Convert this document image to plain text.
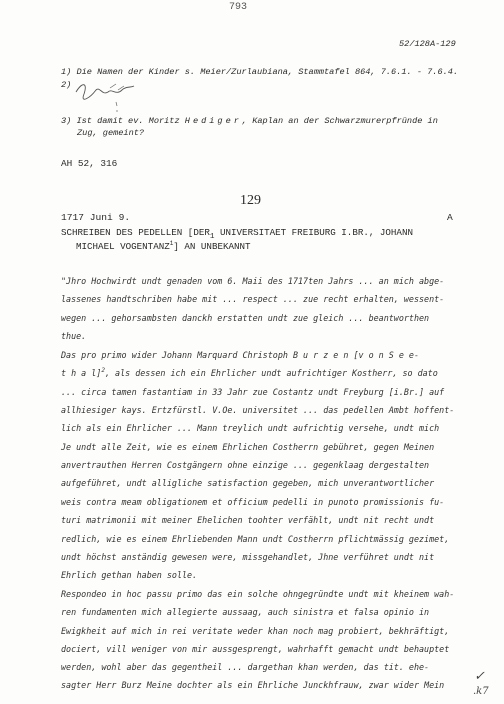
793
52/128A-129
1) Die Namen der Kinder s. Meier/Zurlaubiana, Stammtafel 864, 7.6.1. - 7.6.4.
2)
3) Ist damit ev. Moritz Hediger, Kaplan an der Schwarzmurerpfründe in
Zug, gemeint?
AH 52, 316
129
1717 Juni 9.	A
SCHREIBEN DES PEDELLEN [$DER_1$ UNIVERSITAET FREIBURG I.BR., JOHANN
MICHAEL VOGENTANZ$^1$] AN UNBEKANNT
"Jhro Hochwirdt undt genaden vom 6. Maii des 1717ten Jahrs ... an mich abge-
lassenes handtschriben habe mit ... respect ... zue recht erhalten, wessent-
wegen ... gehorsambsten danckh erstatten undt zue gleich ... beantworthen
thue.
Das pro primo wider Johann Marquard Christoph B u r z e n [v o n S e e-
t h a l]$^2$, als dessen ich ein Ehrlicher undt aufrichtiger Kostherr, so dato
... circa tamen fastantiam in 33 Jahr zue Costantz undt Freyburg [i.Br.] auf
allhiesiger kays. Ertzfürstl. V.Oe. universitet ... das pedellen Ambt hoffent-
lich als ein Ehrlicher ... Mann treylich undt aufrichtig versehe, undt mich
Je undt alle Zeit, wie es einem Ehrlichen Costherrn gebühret, gegen Meinen
anvertrauthen Herren Costgängern ohne einzige ... gegenklaag dergestalten
aufgeführet, undt alligliche satisfaction gegeben, mich unverantwortlicher
weis contra meam obligationem et officium pedelli in punoto promissionis fu-
turi matrimonii mit meiner Ehelichen toohter verfählt, undt nit recht undt
redlich, wie es einem Ehrliebenden Mann undt Costherrn pflichtmässig gezimet,
undt höchst anständig gewesen were, missgehandlet, Jhne verführet undt nit
Ehrlich gethan haben solle.
Respondeo in hoc passu primo das ein solche ohngegründte undt mit kheinem wah-
ren fundamenten mich allegierte aussaag, auch sinistra et falsa opinio in
Ewigkheit auf mich in rei veritate weder khan noch mag probiert, bekhräftigt,
dociert, vill weniger von mir aussgesprengt, wahrhafft gemacht undt behauptet
werden, wohl aber das gegentheil ... dargethan khan werden, das tit. ehe-
sagter Herr Burz Meine dochter als ein Ehrliche Junckhfrauw, zwar wider Mein
✓
.k7
